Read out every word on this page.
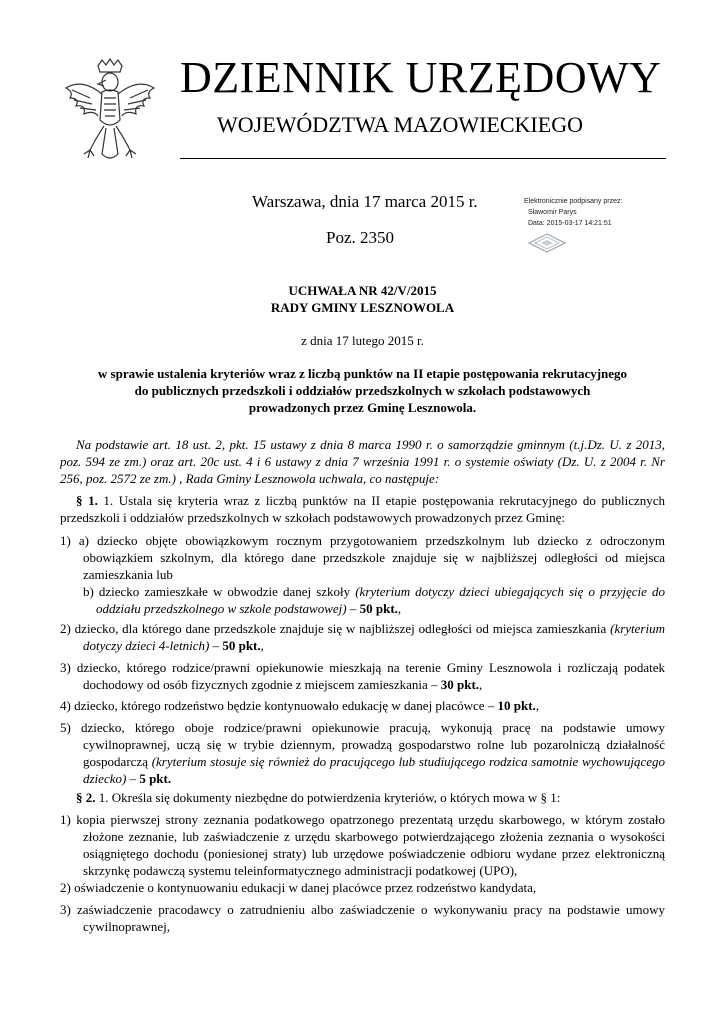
DZIENNIK URZĘDOWY
WOJEWÓDZTWA MAZOWIECKIEGO
Warszawa, dnia 17 marca 2015 r.
Poz. 2350
Elektronicznie podpisany przez:
Sławomir Parys
Data: 2015-03-17 14:21:51
UCHWAŁA NR 42/V/2015
RADY GMINY LESZNOWOLA
z dnia 17 lutego 2015 r.
w sprawie ustalenia kryteriów wraz z liczbą punktów na II etapie postępowania rekrutacyjnego
do publicznych przedszkoli i oddziałów przedszkolnych w szkołach podstawowych
prowadzonych przez Gminę Lesznowola.
Na podstawie art. 18 ust. 2, pkt. 15 ustawy z dnia 8 marca 1990 r. o samorządzie gminnym (t.j.Dz. U. z 2013, poz. 594 ze zm.) oraz art. 20c ust. 4 i 6 ustawy z dnia 7 września 1991 r. o systemie oświaty (Dz. U. z 2004 r. Nr 256, poz. 2572 ze zm.) , Rada Gminy Lesznowola uchwala, co następuje:
§ 1. 1. Ustala się kryteria wraz z liczbą punktów na II etapie postępowania rekrutacyjnego do publicznych przedszkoli i oddziałów przedszkolnych w szkołach podstawowych prowadzonych przez Gminę:
1) a) dziecko objęte obowiązkowym rocznym przygotowaniem przedszkolnym lub dziecko z odroczonym obowiązkiem szkolnym, dla którego dane przedszkole znajduje się w najbliższej odległości od miejsca zamieszkania lub
b) dziecko zamieszkałe w obwodzie danej szkoły (kryterium dotyczy dzieci ubiegających się o przyjęcie do oddziału przedszkolnego w szkole podstawowej) – 50 pkt.,
2) dziecko, dla którego dane przedszkole znajduje się w najbliższej odległości od miejsca zamieszkania (kryterium dotyczy dzieci 4-letnich) – 50 pkt.,
3) dziecko, którego rodzice/prawni opiekunowie mieszkają na terenie Gminy Lesznowola i rozliczają podatek dochodowy od osób fizycznych zgodnie z miejscem zamieszkania – 30 pkt.,
4) dziecko, którego rodzeństwo będzie kontynuowało edukację w danej placówce – 10 pkt.,
5) dziecko, którego oboje rodzice/prawni opiekunowie pracują, wykonują pracę na podstawie umowy cywilnoprawnej, uczą się w trybie dziennym, prowadzą gospodarstwo rolne lub pozarolniczą działalność gospodarczą (kryterium stosuje się również do pracującego lub studiującego rodzica samotnie wychowującego dziecko) – 5 pkt.
§ 2. 1. Określa się dokumenty niezbędne do potwierdzenia kryteriów, o których mowa w § 1:
1) kopia pierwszej strony zeznania podatkowego opatrzonego prezentatą urzędu skarbowego, w którym zostało złożone zeznanie, lub zaświadczenie z urzędu skarbowego potwierdzającego złożenia zeznania o wysokości osiągniętego dochodu (poniesionej straty) lub urzędowe poświadczenie odbioru wydane przez elektroniczną skrzynkę podawczą systemu teleinformatycznego administracji podatkowej (UPO),
2) oświadczenie o kontynuowaniu edukacji w danej placówce przez rodzeństwo kandydata,
3) zaświadczenie pracodawcy o zatrudnieniu albo zaświadczenie o wykonywaniu pracy na podstawie umowy cywilnoprawnej,
